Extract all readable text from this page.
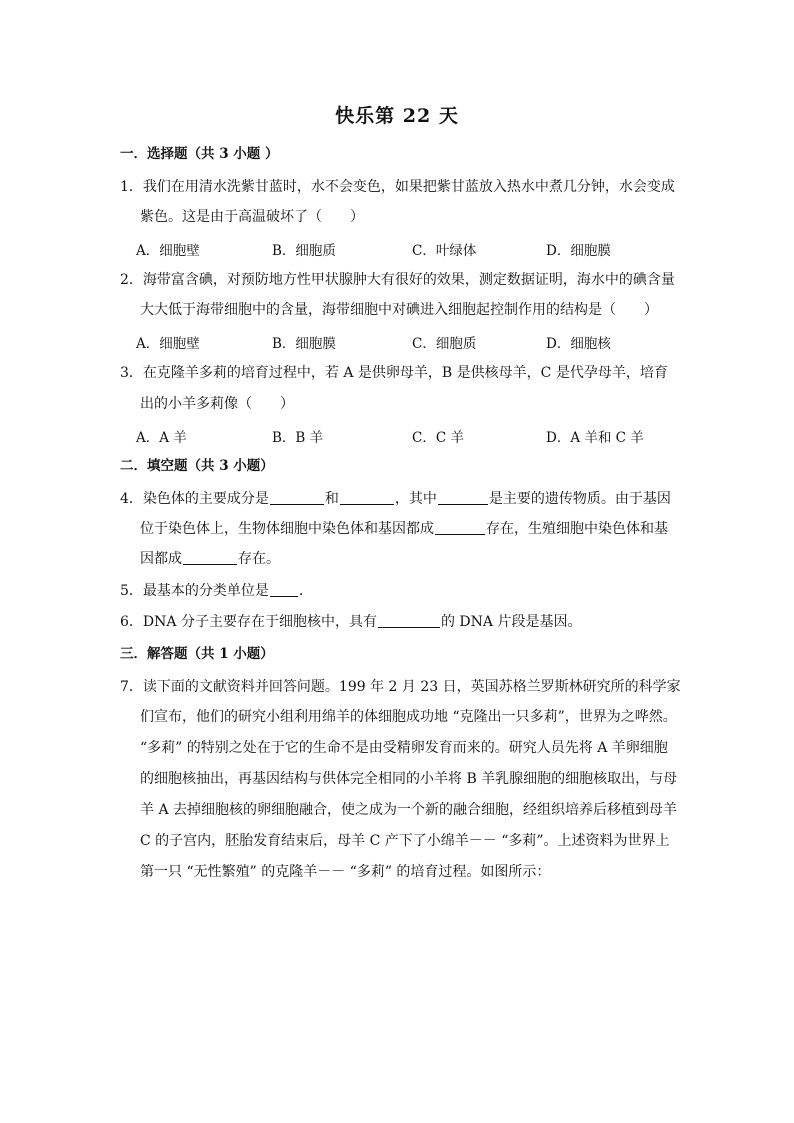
快乐第 22 天
一．选择题（共 3 小题 ）
1．我们在用清水洗紫甘蓝时，水不会变色，如果把紫甘蓝放入热水中煮几分钟，水会变成
紫色。这是由于高温破坏了（　　）
A．细胞壁	B．细胞质	C．叶绿体	D．细胞膜
2．海带富含碘，对预防地方性甲状腺肿大有很好的效果，测定数据证明，海水中的碘含量
大大低于海带细胞中的含量，海带细胞中对碘进入细胞起控制作用的结构是（　　）
A．细胞壁	B．细胞膜	C．细胞质	D．细胞核
3．在克隆羊多莉的培育过程中，若 A 是供卵母羊，B 是供核母羊，C 是代孕母羊，培育
出的小羊多莉像（　　）
A．A 羊	B．B 羊	C．C 羊	D．A 羊和 C 羊
二．填空题（共 3 小题）
4．染色体的主要成分是	和	，其中	是主要的遗传物质。由于基因
位于染色体上，生物体细胞中染色体和基因都成	存在，生殖细胞中染色体和基
因都成	存在。
5．最基本的分类单位是 .
6．DNA 分子主要存在于细胞核中，具有	的 DNA 片段是基因。
三．解答题（共 1 小题）
7．读下面的文献资料并回答问题。199 年 2 月 23 日，英国苏格兰罗斯林研究所的科学家
们宣布，他们的研究小组利用绵羊的体细胞成功地 “克隆出一只多莉”，世界为之哗然。
“多莉” 的特别之处在于它的生命不是由受精卵发育而来的。研究人员先将 A 羊卵细胞
的细胞核抽出，再基因结构与供体完全相同的小羊将 B 羊乳腺细胞的细胞核取出，与母
羊 A 去掉细胞核的卵细胞融合，使之成为一个新的融合细胞，经组织培养后移植到母羊
C 的子宫内，胚胎发育结束后，母羊 C 产下了小绵羊－－ “多莉”。上述资料为世界上
第一只 “无性繁殖” 的克隆羊－－ “多莉” 的培育过程。如图所示：
